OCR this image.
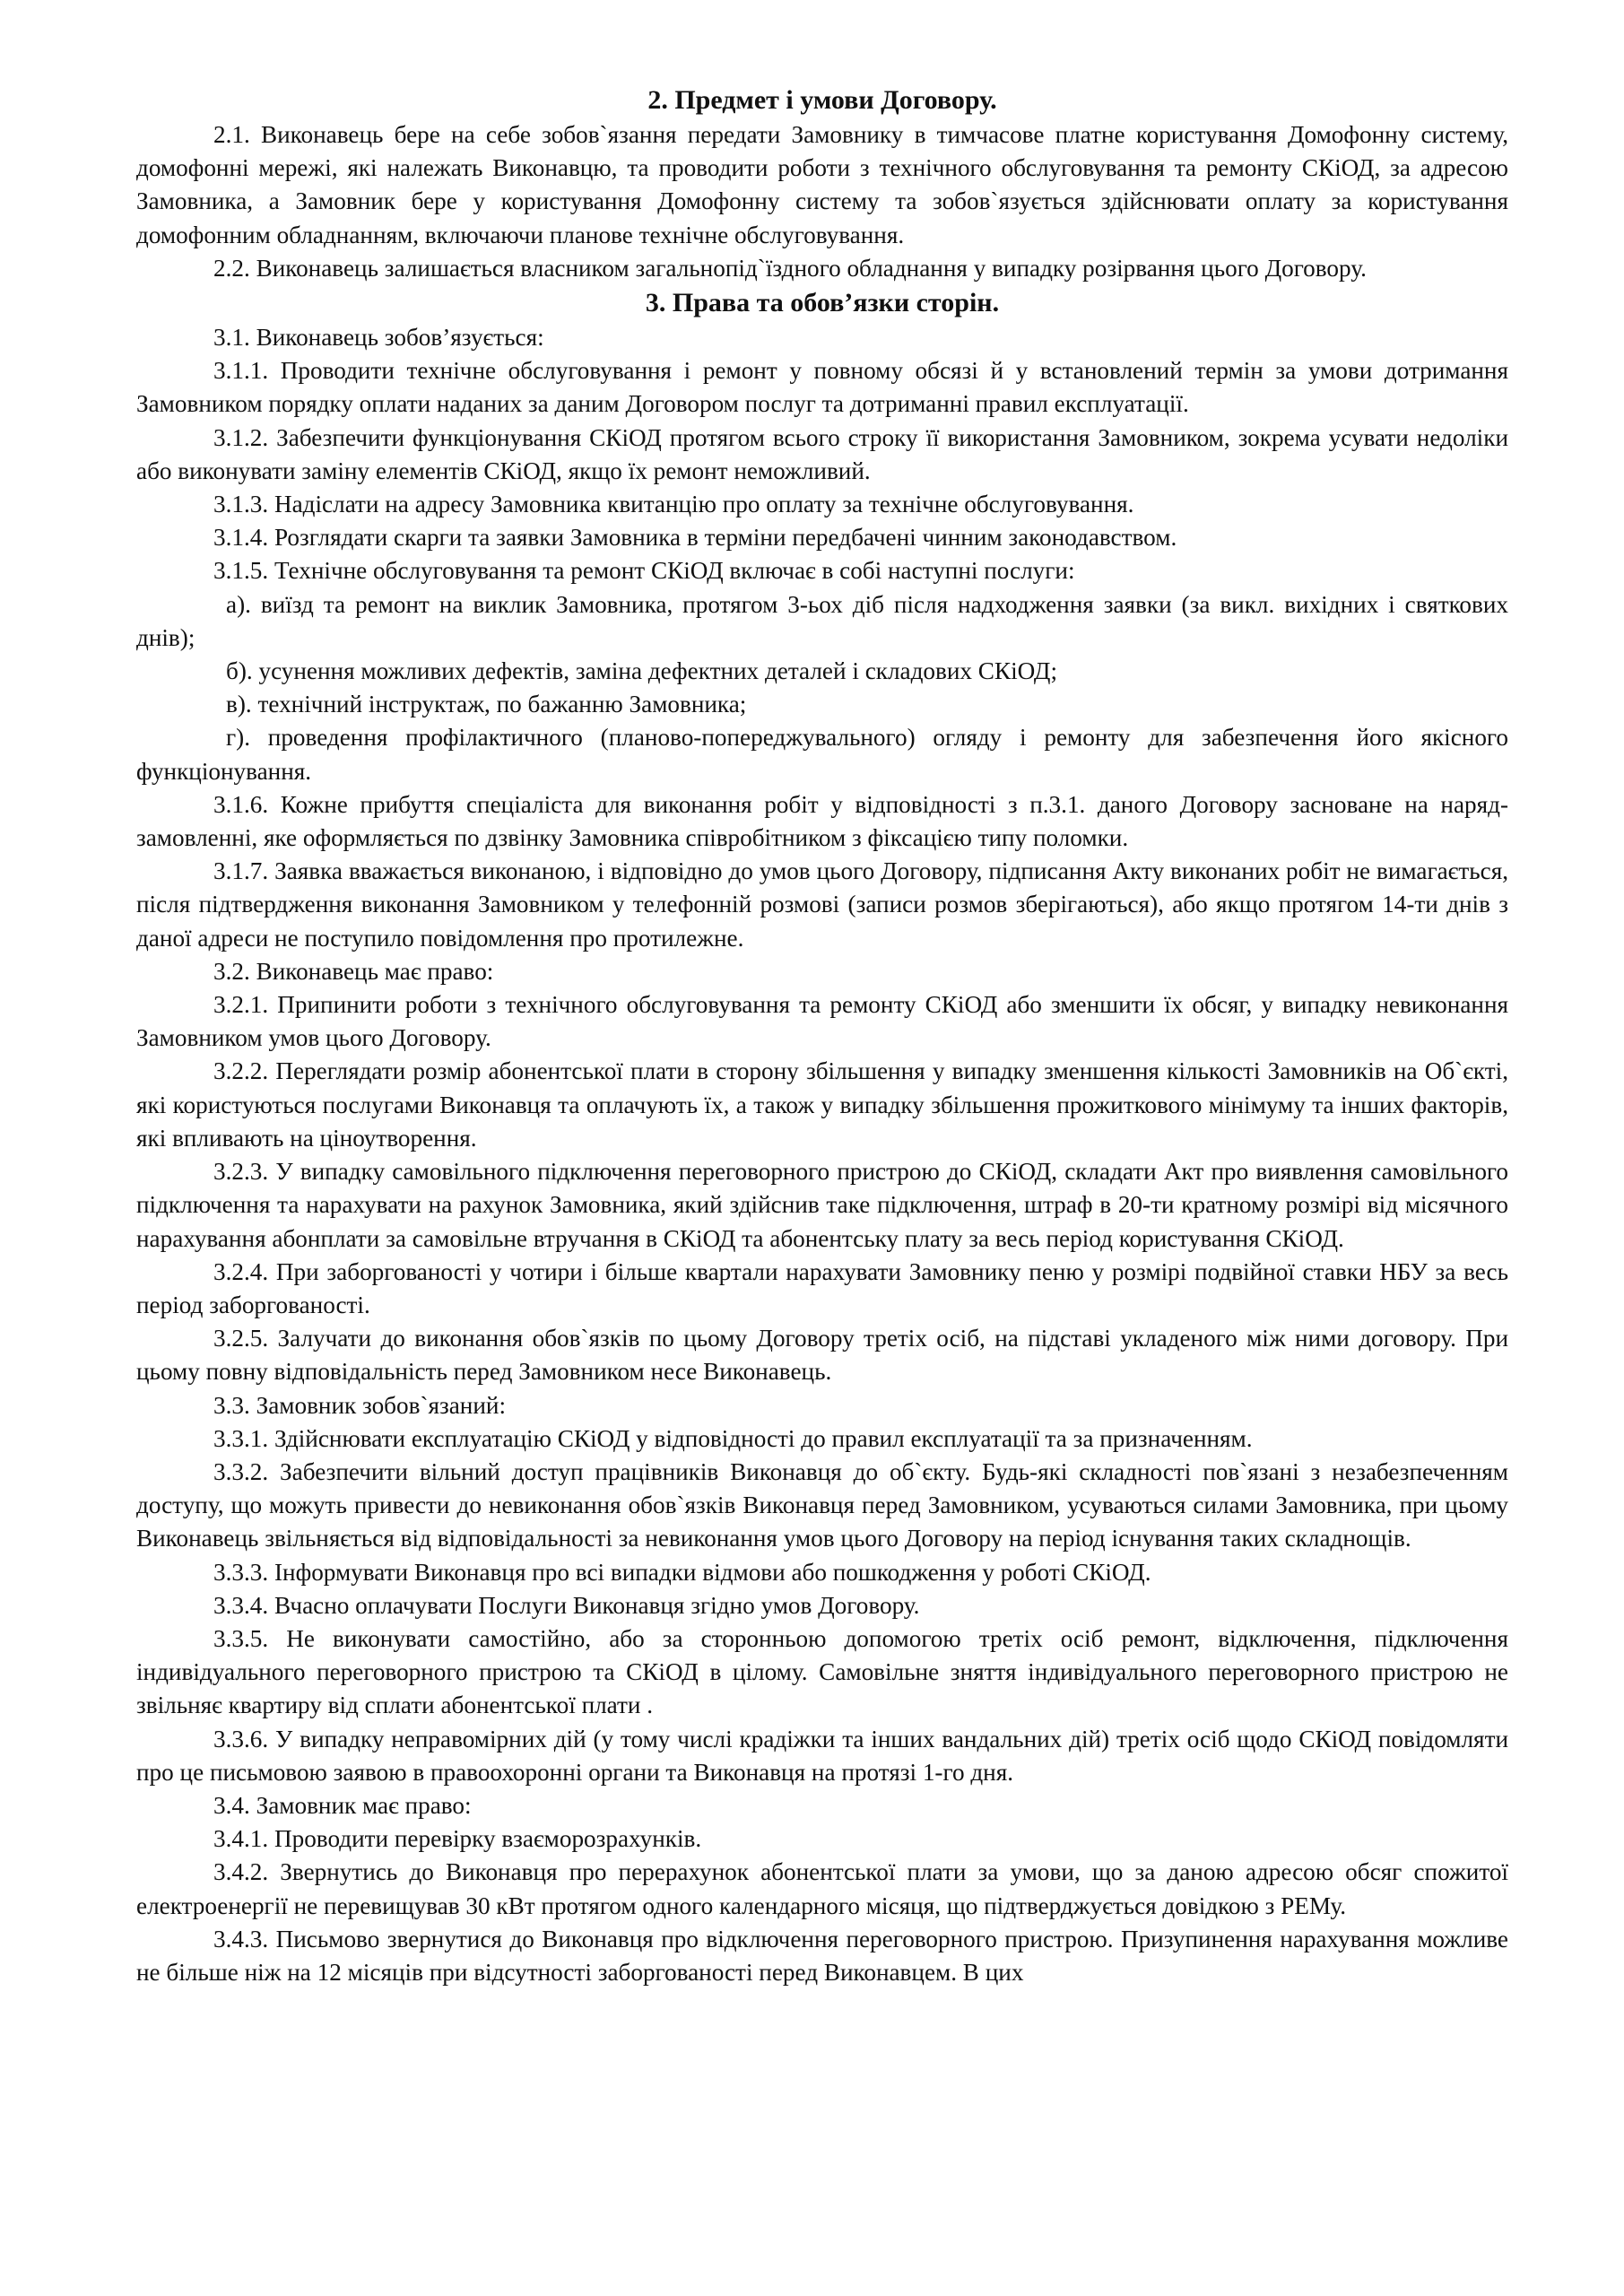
2. Предмет і умови Договору.

2.1. Виконавець бере на себе зобов`язання передати Замовнику в тимчасове платне користування Домофонну систему, домофонні мережі, які належать Виконавцю, та проводити роботи з технічного обслуговування та ремонту СКіОД, за адресою Замовника, а Замовник бере у користування Домофонну систему та зобов`язується здійснювати оплату за користування домофонним обладнанням, включаючи планове технічне обслуговування.

2.2. Виконавець залишається власником загальнопід`їздного обладнання у випадку розірвання цього Договору.

3. Права та обов’язки сторін.

3.1. Виконавець зобов’язується:

3.1.1. Проводити технічне обслуговування і ремонт у повному обсязі й у встановлений термін за умови дотримання Замовником порядку оплати наданих за даним Договором послуг та дотриманні правил експлуатації.

3.1.2. Забезпечити функціонування СКіОД протягом всього строку її використання Замовником, зокрема усувати недоліки або виконувати заміну елементів СКіОД, якщо їх ремонт неможливий.

3.1.3. Надіслати на адресу Замовника квитанцію про оплату за технічне обслуговування.

3.1.4. Розглядати скарги та заявки Замовника в терміни передбачені чинним законодавством.

3.1.5. Технічне обслуговування та ремонт СКіОД включає в собі наступні послуги:

а). виїзд та ремонт на виклик Замовника, протягом 3-ьох діб після надходження заявки (за викл. вихідних і святкових днів);

б). усунення можливих дефектів, заміна дефектних деталей і складових СКіОД;

в). технічний інструктаж, по бажанню Замовника;

г). проведення профілактичного (планово-попереджувального) огляду і ремонту для забезпечення його якісного функціонування.

3.1.6. Кожне прибуття спеціаліста для виконання робіт у відповідності з п.3.1. даного Договору засноване на наряд-замовленні, яке оформляється по дзвінку Замовника співробітником з фіксацією типу поломки.

3.1.7. Заявка вважається виконаною, і відповідно до умов цього Договору, підписання Акту виконаних робіт не вимагається, після підтвердження виконання Замовником у телефонній розмові (записи розмов зберігаються), або якщо протягом 14-ти днів з даної адреси не поступило повідомлення про протилежне.

3.2. Виконавець має право:

3.2.1. Припинити роботи з технічного обслуговування та ремонту СКіОД або зменшити їх обсяг, у випадку невиконання Замовником умов цього Договору.

3.2.2. Переглядати розмір абонентської плати в сторону збільшення у випадку зменшення кількості Замовників на Об`єкті, які користуються послугами Виконавця та оплачують їх, а також у випадку збільшення прожиткового мінімуму та інших факторів, які впливають на ціноутворення.

3.2.3. У випадку самовільного підключення переговорного пристрою до СКіОД, складати Акт про виявлення самовільного підключення та нарахувати на рахунок Замовника, який здійснив таке підключення, штраф в 20-ти кратному розмірі від місячного нарахування абонплати за самовільне втручання в СКіОД та абонентську плату за весь період користування СКіОД.

3.2.4. При заборгованості у чотири і більше квартали нарахувати Замовнику пеню у розмірі подвійної ставки НБУ за весь період заборгованості.

3.2.5. Залучати до виконання обов`язків по цьому Договору третіх осіб, на підставі укладеного між ними договору. При цьому повну відповідальність перед Замовником несе Виконавець.

3.3. Замовник зобов`язаний:

3.3.1. Здійснювати експлуатацію СКіОД у відповідності до правил експлуатації та за призначенням.

3.3.2. Забезпечити вільний доступ працівників Виконавця до об`єкту. Будь-які складності пов`язані з незабезпеченням доступу, що можуть привести до невиконання обов`язків Виконавця перед Замовником, усуваються силами Замовника, при цьому Виконавець звільняється від відповідальності за невиконання умов цього Договору на період існування таких складнощів.

3.3.3. Інформувати Виконавця про всі випадки відмови або пошкодження у роботі СКіОД.

3.3.4. Вчасно оплачувати Послуги Виконавця згідно умов Договору.

3.3.5. Не виконувати самостійно, або за сторонньою допомогою третіх осіб ремонт, відключення, підключення індивідуального переговорного пристрою та СКіОД в цілому. Самовільне зняття індивідуального переговорного пристрою не звільняє квартиру від сплати абонентської плати .

3.3.6. У випадку неправомірних дій (у тому числі крадіжки та інших вандальних дій) третіх осіб щодо СКіОД повідомляти про це письмовою заявою в правоохоронні органи та Виконавця на протязі 1-го дня.

3.4. Замовник має право:

3.4.1. Проводити перевірку взаєморозрахунків.

3.4.2. Звернутись до Виконавця про перерахунок абонентської плати за умови, що за даною адресою обсяг спожитої електроенергії не перевищував 30 кВт протягом одного календарного місяця, що підтверджується довідкою з РЕМу.

3.4.3. Письмово звернутися до Виконавця про відключення переговорного пристрою. Призупинення нарахування можливе не більше ніж на 12 місяців при відсутності заборгованості перед Виконавцем. В цих
